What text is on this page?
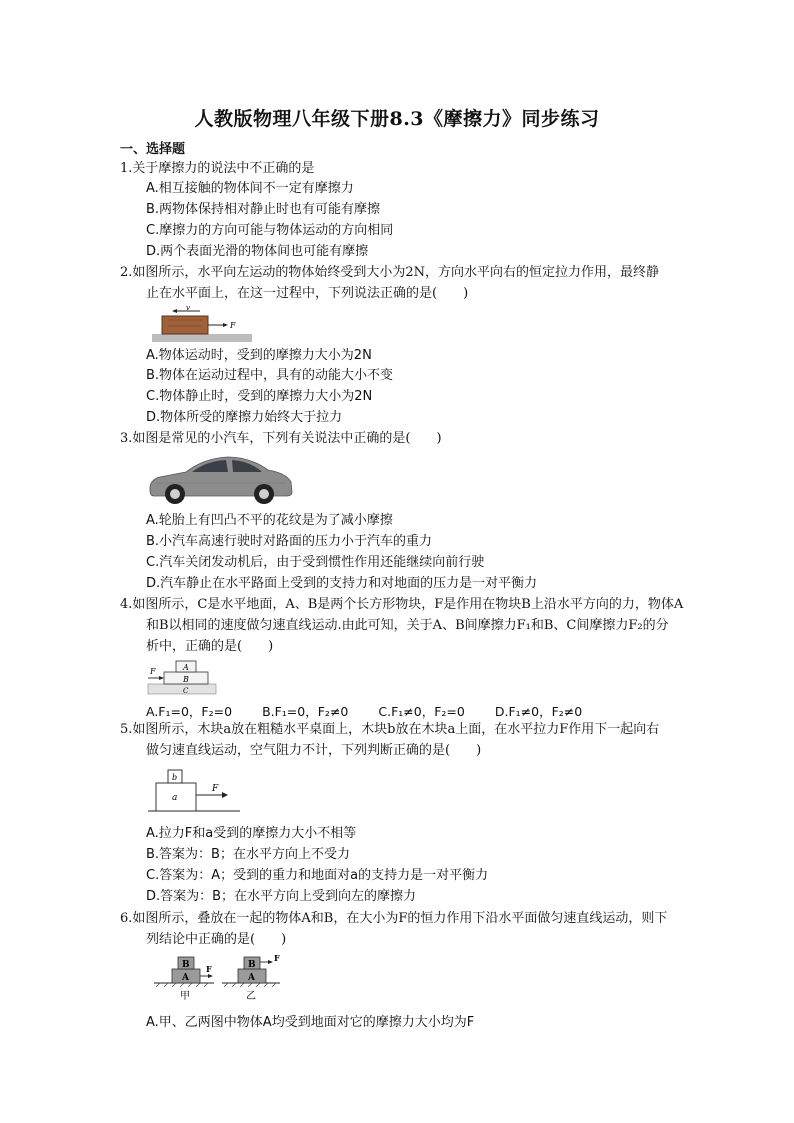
人教版物理八年级下册8.3《摩擦力》同步练习
一、选择题
1.关于摩擦力的说法中不正确的是
A.相互接触的物体间不一定有摩擦力
B.两物体保持相对静止时也有可能有摩擦
C.摩擦力的方向可能与物体运动的方向相同
D.两个表面光滑的物体间也可能有摩擦
2.如图所示，水平向左运动的物体始终受到大小为2N，方向水平向右的恒定拉力作用，最终静
止在水平面上，在这一过程中，下列说法正确的是(　　)
v
F
A.物体运动时，受到的摩擦力大小为2N
B.物体在运动过程中，具有的动能大小不变
C.物体静止时，受到的摩擦力大小为2N
D.物体所受的摩擦力始终大于拉力
3.如图是常见的小汽车，下列有关说法中正确的是(　　)
A.轮胎上有凹凸不平的花纹是为了减小摩擦
B.小汽车高速行驶时对路面的压力小于汽车的重力
C.汽车关闭发动机后，由于受到惯性作用还能继续向前行驶
D.汽车静止在水平路面上受到的支持力和对地面的压力是一对平衡力
4.如图所示，C是水平地面，A、B是两个长方形物块，F是作用在物块B上沿水平方向的力，物体A
和B以相同的速度做匀速直线运动.由此可知，关于A、B间摩擦力F₁和B、C间摩擦力F₂的分
析中，正确的是(　　)
A
B
C
F
A.F₁=0，F₂=0 B.F₁=0，F₂≠0 C.F₁≠0，F₂=0 D.F₁≠0，F₂≠0
5.如图所示，木块a放在粗糙水平桌面上，木块b放在木块a上面，在水平拉力F作用下一起向右
做匀速直线运动，空气阻力不计，下列判断正确的是(　　)
a
b
F
A.拉力F和a受到的摩擦力大小不相等
B.答案为：B；在水平方向上不受力
C.答案为：A；受到的重力和地面对a的支持力是一对平衡力
D.答案为：B；在水平方向上受到向左的摩擦力
6.如图所示，叠放在一起的物体A和B，在大小为F的恒力作用下沿水平面做匀速直线运动，则下
列结论中正确的是(　　)
A
B F
甲
A
B
F
乙
A.甲、乙两图中物体A均受到地面对它的摩擦力大小均为F
